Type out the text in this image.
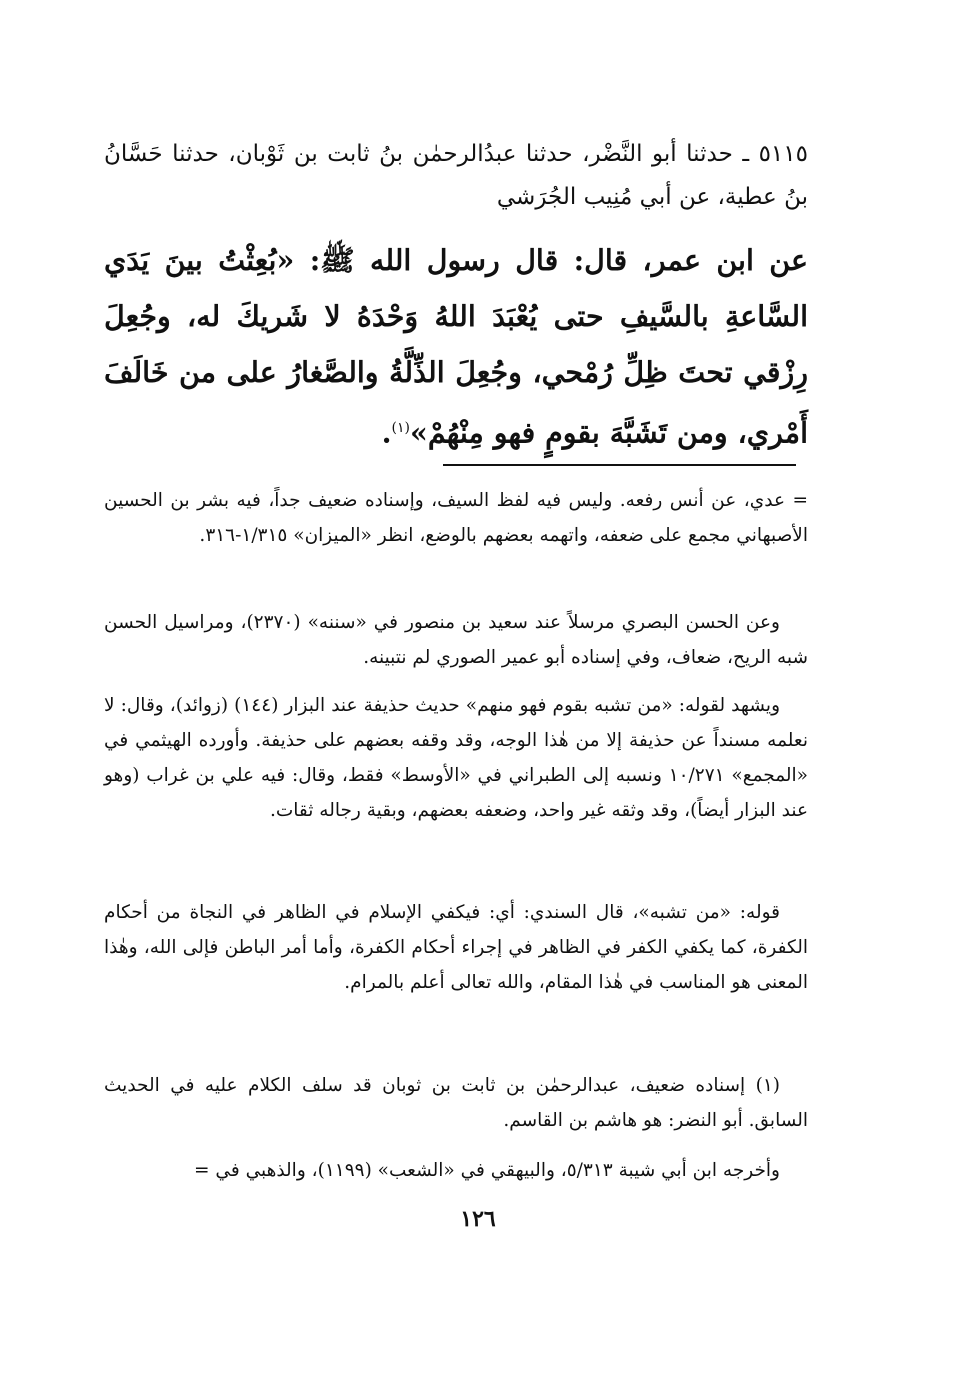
٥١١٥ ـ حدثنا أبو النَّضْر، حدثنا عبدُالرحمٰن بنُ ثابت بن ثَوْبان، حدثنا حَسَّانُ بنُ عطية، عن أبي مُنِيب الجُرَشي
عن ابن عمر، قال: قال رسول الله ﷺ: «بُعِثْتُ بينَ يَدَي السَّاعةِ بالسَّيفِ حتى يُعْبَدَ اللهُ وَحْدَهُ لا شَريكَ له، وجُعِلَ رِزْقي تحتَ ظِلِّ رُمْحي، وجُعِلَ الذِّلَّةُ والصَّغارُ على من خَالَفَ أَمْري، ومن تَشَبَّهَ بقومٍ فهو مِنْهُمْ»$^{(١)}$.

= عدي، عن أنس رفعه. وليس فيه لفظ السيف، وإسناده ضعيف جداً، فيه بشر بن الحسين الأصبهاني مجمع على ضعفه، واتهمه بعضهم بالوضع، انظر «الميزان» ١/٣١٥-٣١٦.

وعن الحسن البصري مرسلاً عند سعيد بن منصور في «سننه» (٢٣٧٠)، ومراسيل الحسن شبه الريح، ضعاف، وفي إسناده أبو عمير الصوري لم نتبينه.

ويشهد لقوله: «من تشبه بقوم فهو منهم» حديث حذيفة عند البزار (١٤٤) (زوائد)، وقال: لا نعلمه مسنداً عن حذيفة إلا من هٰذا الوجه، وقد وقفه بعضهم على حذيفة. وأورده الهيثمي في «المجمع» ١٠/٢٧١ ونسبه إلى الطبراني في «الأوسط» فقط، وقال: فيه علي بن غراب (وهو عند البزار أيضاً)، وقد وثقه غير واحد، وضعفه بعضهم، وبقية رجاله ثقات.

قوله: «من تشبه»، قال السندي: أي: فيكفي الإسلام في الظاهر في النجاة من أحكام الكفرة، كما يكفي الكفر في الظاهر في إجراء أحكام الكفرة، وأما أمر الباطن فإلى الله، وهٰذا المعنى هو المناسب في هٰذا المقام، والله تعالى أعلم بالمرام.

(١) إسناده ضعيف، عبدالرحمٰن بن ثابت بن ثوبان قد سلف الكلام عليه في الحديث السابق. أبو النضر: هو هاشم بن القاسم.

وأخرجه ابن أبي شيبة ٥/٣١٣، والبيهقي في «الشعب» (١١٩٩)، والذهبي في =

١٢٦
